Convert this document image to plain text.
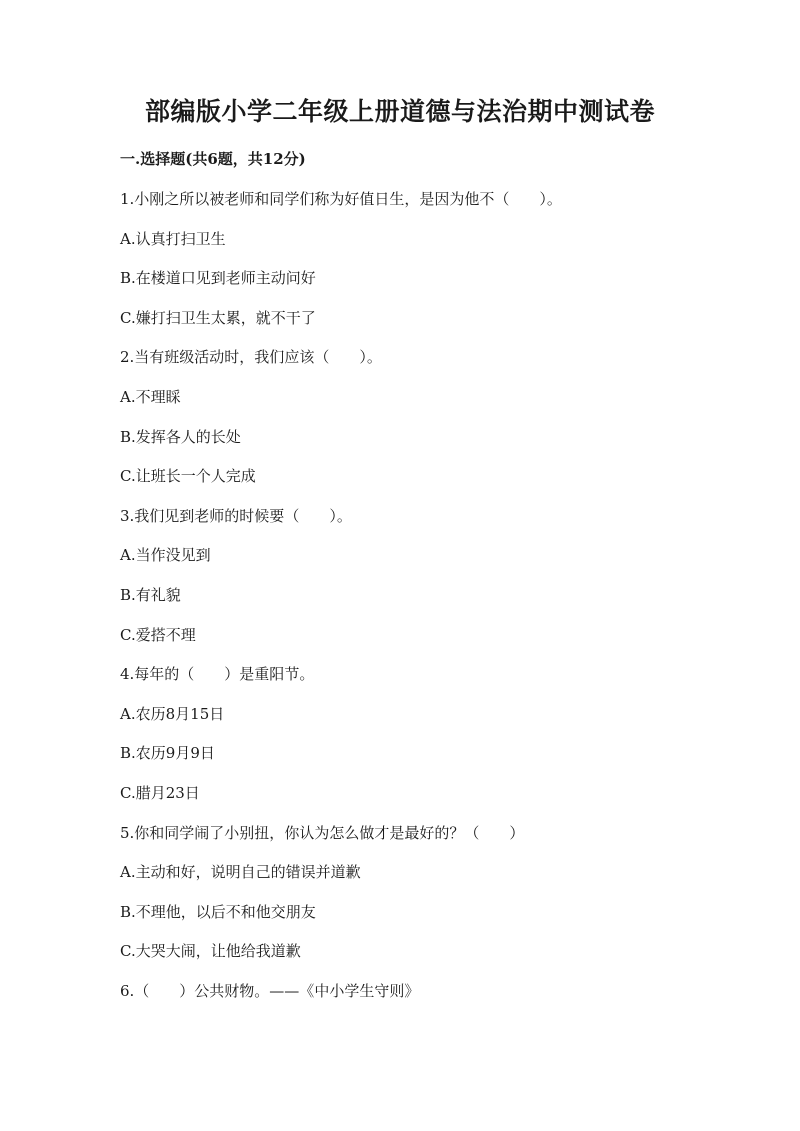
部编版小学二年级上册道德与法治期中测试卷
一.选择题(共6题，共12分)
1.小刚之所以被老师和同学们称为好值日生，是因为他不（　　）。
A.认真打扫卫生
B.在楼道口见到老师主动问好
C.嫌打扫卫生太累，就不干了
2.当有班级活动时，我们应该（　　）。
A.不理睬
B.发挥各人的长处
C.让班长一个人完成
3.我们见到老师的时候要（　　）。
A.当作没见到
B.有礼貌
C.爱搭不理
4.每年的（　　）是重阳节。
A.农历8月15日
B.农历9月9日
C.腊月23日
5.你和同学闹了小别扭，你认为怎么做才是最好的？（　　）
A.主动和好，说明自己的错误并道歉
B.不理他，以后不和他交朋友
C.大哭大闹，让他给我道歉
6.（　　）公共财物。——《中小学生守则》
